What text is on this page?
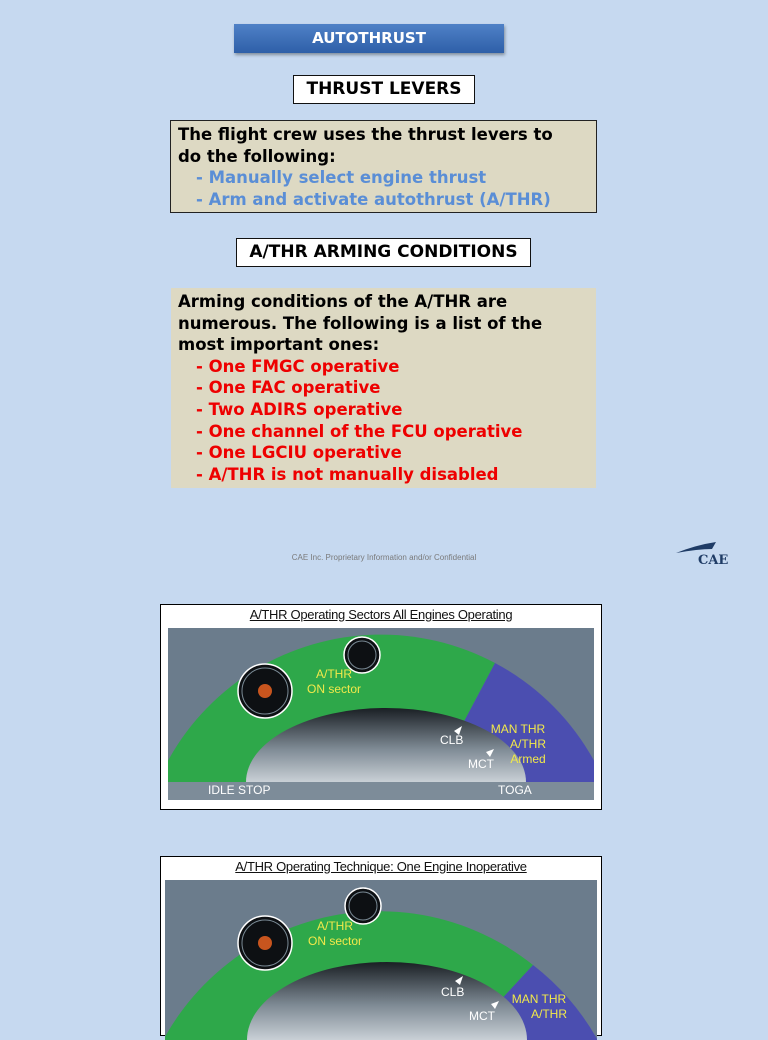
AUTOTHRUST
THRUST LEVERS
The flight crew uses the thrust levers to
do the following:
- Manually select engine thrust
- Arm and activate autothrust (A/THR)
A/THR ARMING CONDITIONS
Arming conditions of the A/THR are
numerous. The following is a list of the
most important ones:
- One FMGC operative
- One FAC operative
- Two ADIRS operative
- One channel of the FCU operative
- One LGCIU operative
- A/THR is not manually disabled
CAE Inc. Proprietary Information and/or Confidential	CAE
A/THR Operating Sectors All Engines Operating
A/THR
ON sector
CLB
MCT
MAN THR
A/THR
Armed
IDLE STOP	TOGA
A/THR Operating Technique: One Engine Inoperative
A/THR
ON sector
CLB
MCT
MAN THR
A/THR
